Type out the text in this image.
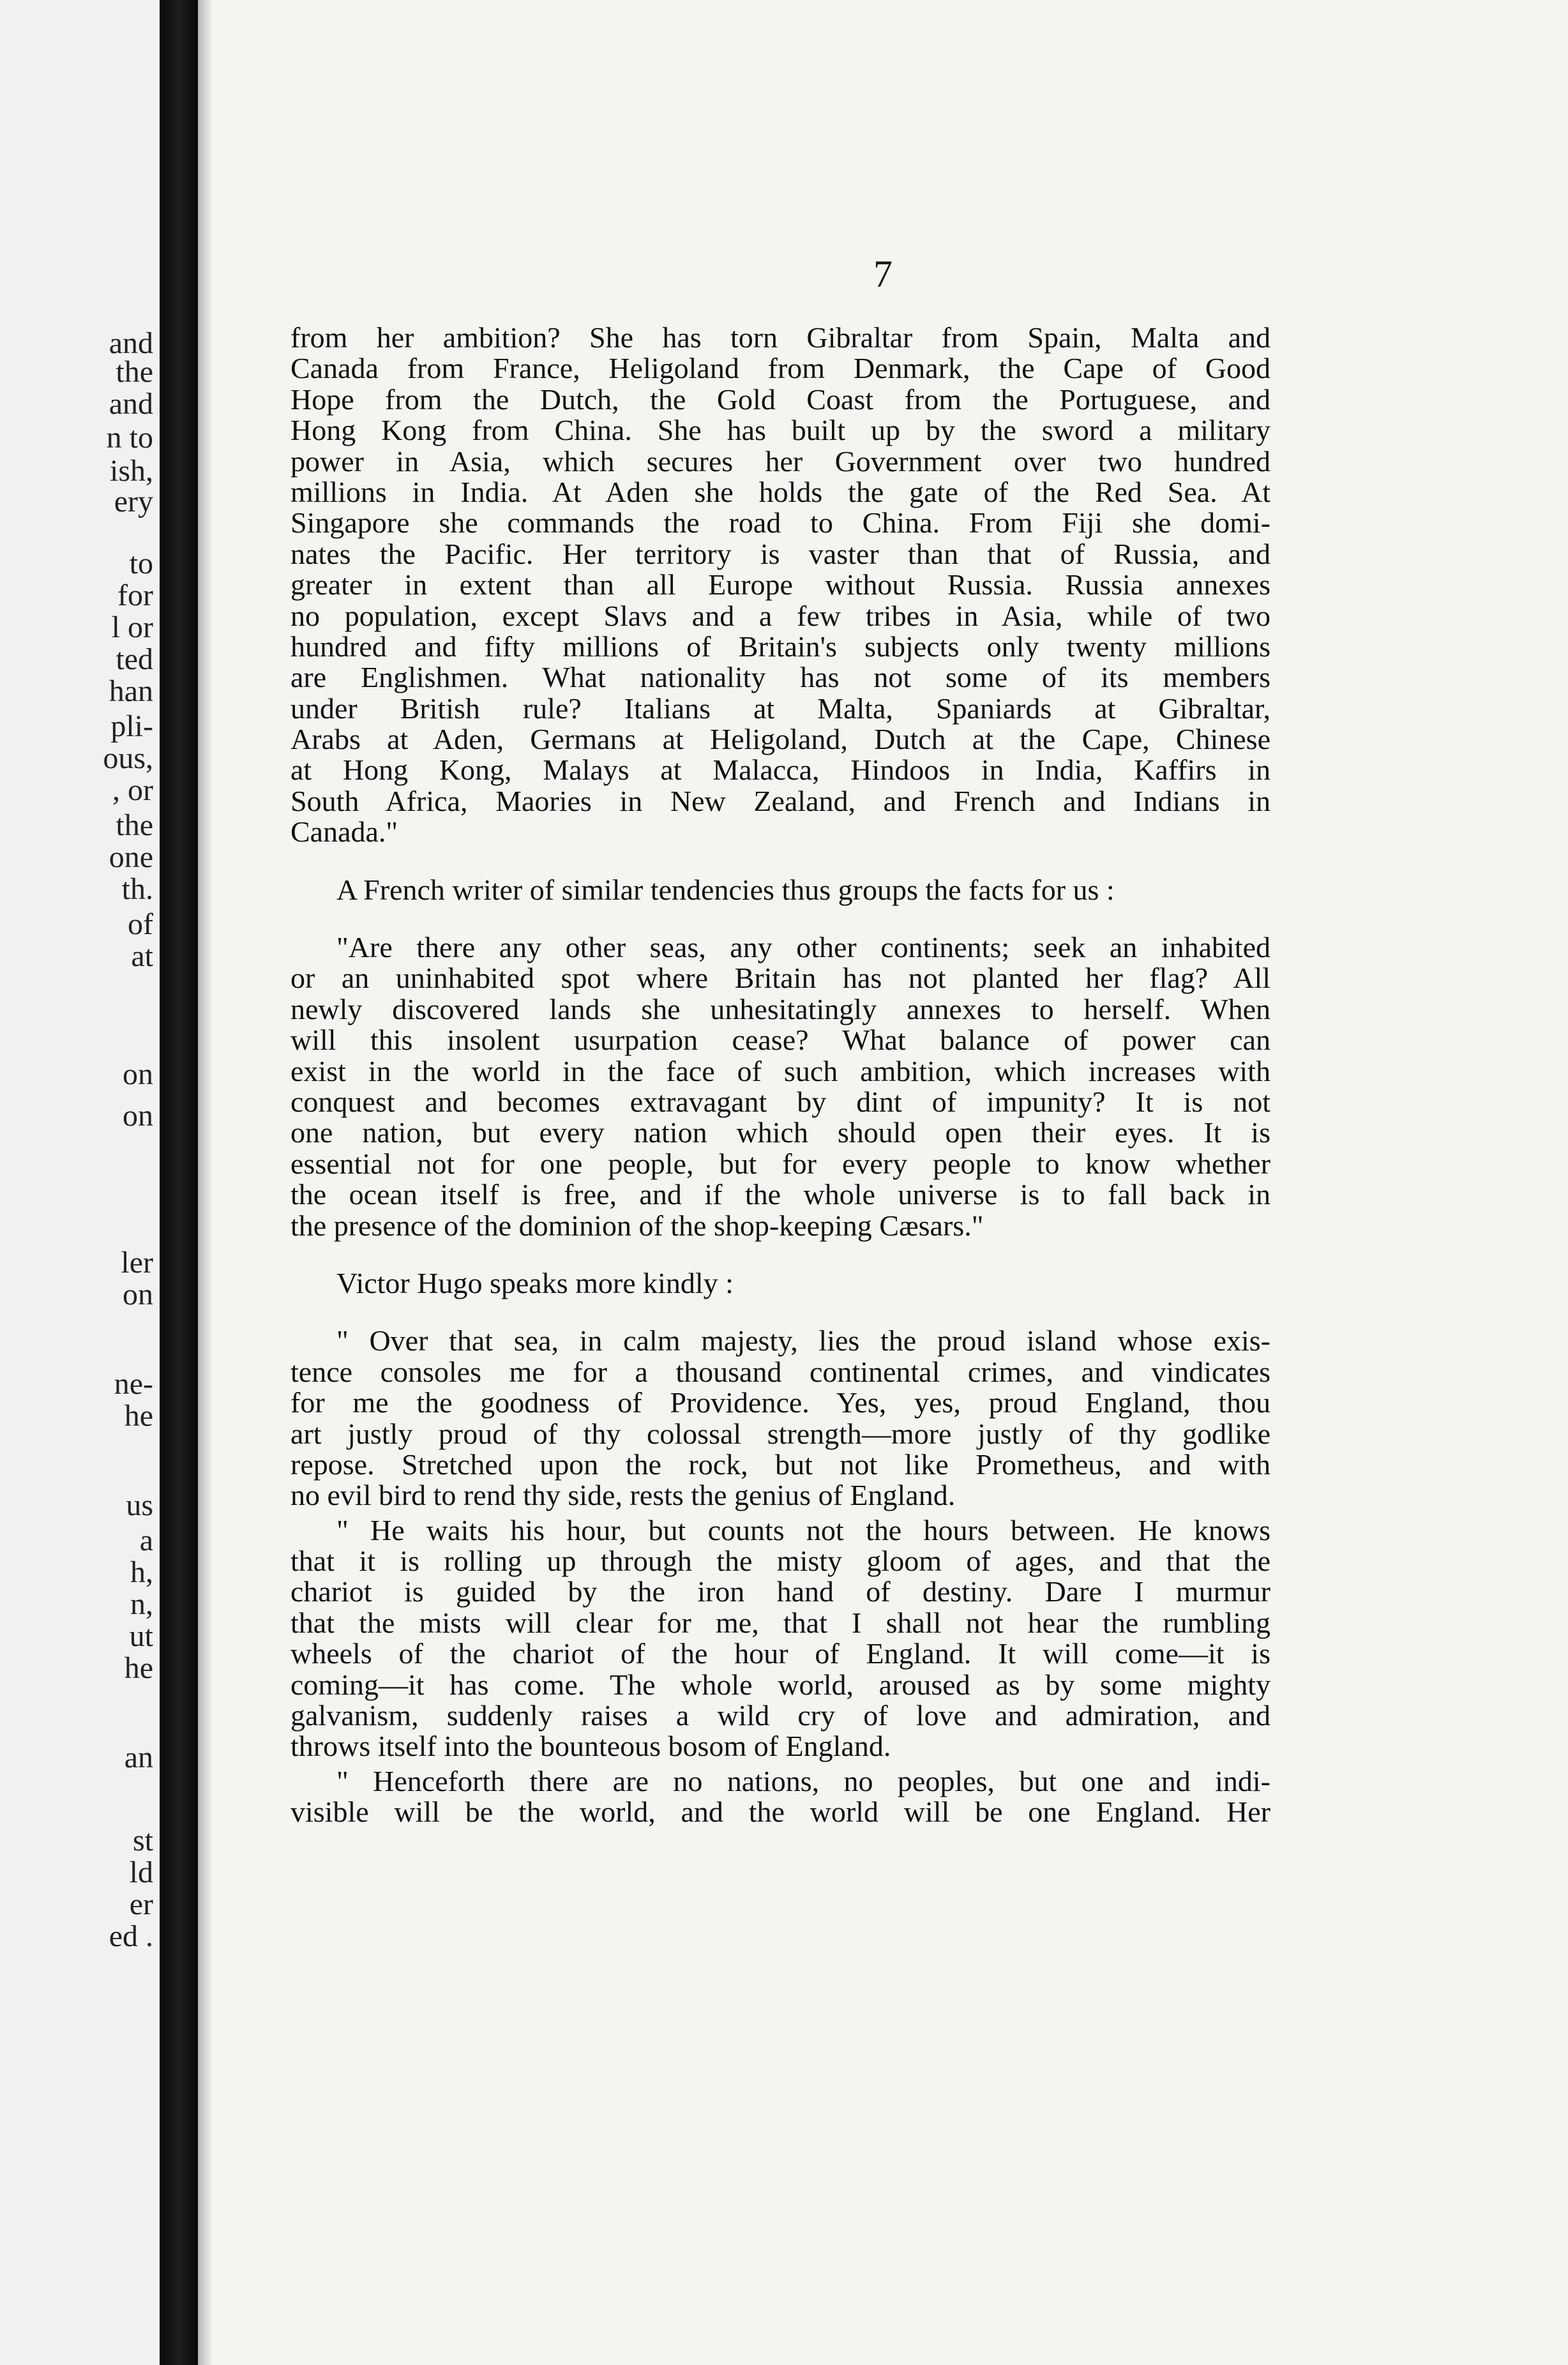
and
the
and
n to
ish,
ery
to
for
l or
ted
han
pli-
ous,
, or
the
one
th.
of
at
on
on
ler
on
ne-
he
us
a
h,
n,
ut
he
an
st
ld
er
ed .
7
from her ambition? She has torn Gibraltar from Spain, Malta and
Canada from France, Heligoland from Denmark, the Cape of Good
Hope from the Dutch, the Gold Coast from the Portuguese, and
Hong Kong from China. She has built up by the sword a military
power in Asia, which secures her Government over two hundred
millions in India. At Aden she holds the gate of the Red Sea. At
Singapore she commands the road to China. From Fiji she domi-
nates the Pacific. Her territory is vaster than that of Russia, and
greater in extent than all Europe without Russia. Russia annexes
no population, except Slavs and a few tribes in Asia, while of two
hundred and fifty millions of Britain's subjects only twenty millions
are Englishmen. What nationality has not some of its members
under British rule? Italians at Malta, Spaniards at Gibraltar,
Arabs at Aden, Germans at Heligoland, Dutch at the Cape, Chinese
at Hong Kong, Malays at Malacca, Hindoos in India, Kaffirs in
South Africa, Maories in New Zealand, and French and Indians in
Canada."
A French writer of similar tendencies thus groups the facts for us :
"Are there any other seas, any other continents; seek an inhabited
or an uninhabited spot where Britain has not planted her flag? All
newly discovered lands she unhesitatingly annexes to herself. When
will this insolent usurpation cease? What balance of power can
exist in the world in the face of such ambition, which increases with
conquest and becomes extravagant by dint of impunity? It is not
one nation, but every nation which should open their eyes. It is
essential not for one people, but for every people to know whether
the ocean itself is free, and if the whole universe is to fall back in
the presence of the dominion of the shop-keeping Cæsars."
Victor Hugo speaks more kindly :
" Over that sea, in calm majesty, lies the proud island whose exis-
tence consoles me for a thousand continental crimes, and vindicates
for me the goodness of Providence. Yes, yes, proud England, thou
art justly proud of thy colossal strength—more justly of thy godlike
repose. Stretched upon the rock, but not like Prometheus, and with
no evil bird to rend thy side, rests the genius of England.
" He waits his hour, but counts not the hours between. He knows
that it is rolling up through the misty gloom of ages, and that the
chariot is guided by the iron hand of destiny. Dare I murmur
that the mists will clear for me, that I shall not hear the rumbling
wheels of the chariot of the hour of England. It will come—it is
coming—it has come. The whole world, aroused as by some mighty
galvanism, suddenly raises a wild cry of love and admiration, and
throws itself into the bounteous bosom of England.
" Henceforth there are no nations, no peoples, but one and indi-
visible will be the world, and the world will be one England. Her
